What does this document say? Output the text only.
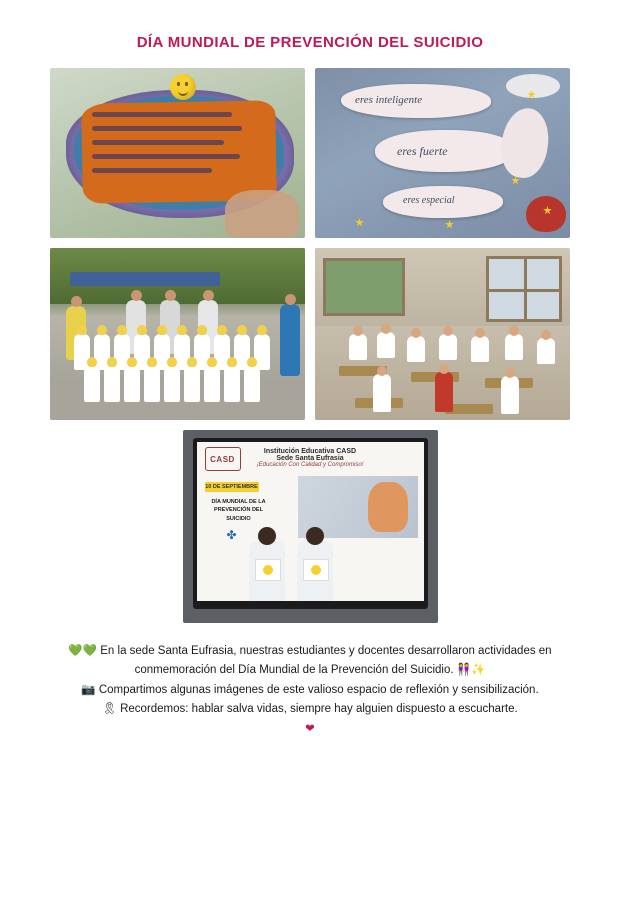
DÍA MUNDIAL DE PREVENCIÓN DEL SUICIDIO
eres inteligente
eres fuerte
eres especial
CASD
Institución Educativa CASD
Sede Santa Eufrasia
¡Educación Con Calidad y Compromiso!
10 DE SEPTIEMBRE
DÍA MUNDIAL DE LA PREVENCIÓN DEL SUICIDIO
✤

💚💚 En la sede Santa Eufrasia, nuestras estudiantes y docentes desarrollaron actividades en conmemoración del Día Mundial de la Prevención del Suicidio. 👭✨

📷 Compartimos algunas imágenes de este valioso espacio de reflexión y sensibilización.

🎗 Recordemos: hablar salva vidas, siempre hay alguien dispuesto a escucharte.

❤
